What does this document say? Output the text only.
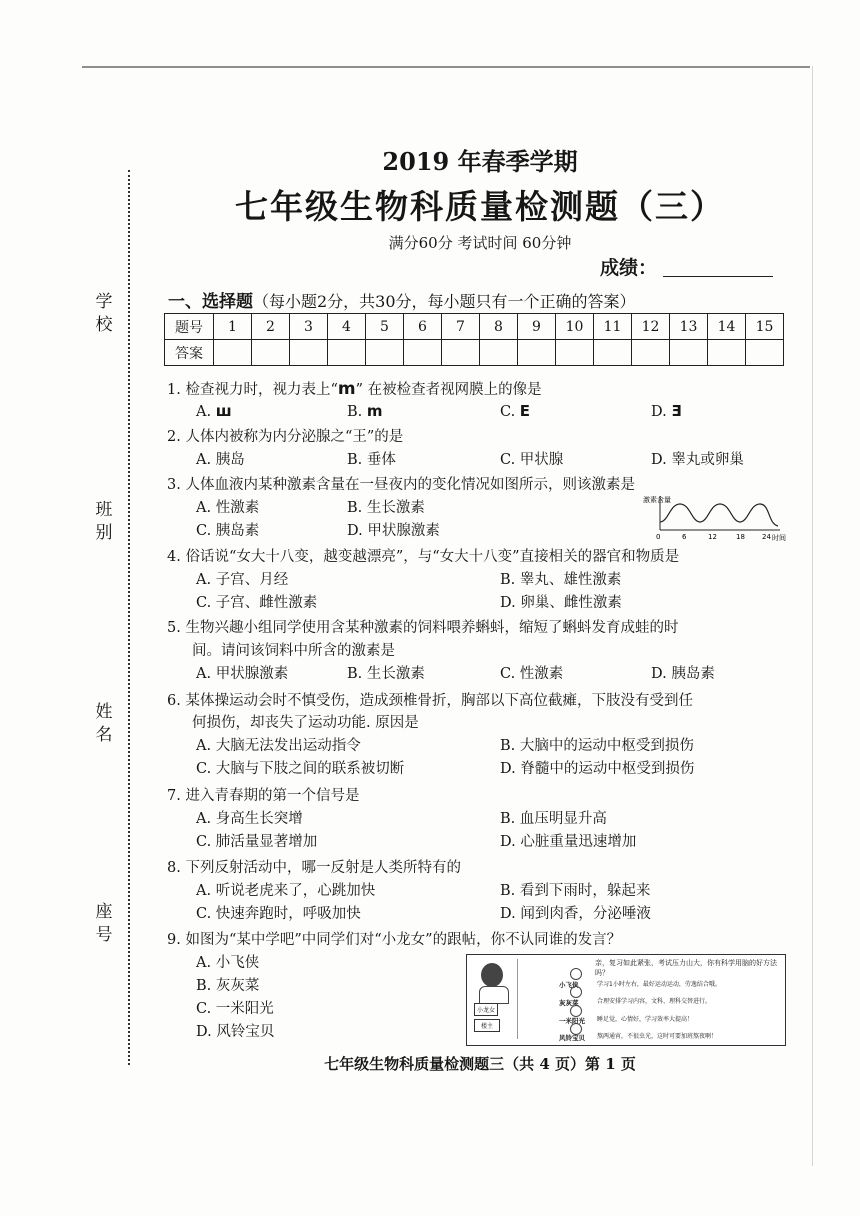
学
校
班
别
姓
名
座
号
2019 年春季学期
七年级生物科质量检测题（三）
满分60分 考试时间 60分钟
成绩：
一、选择题（每小题2分，共30分，每小题只有一个正确的答案）
题号	1	2	3	4	5	6	7	8	9	10	11	12	13	14	15
答案															
1. 检查视力时，视力表上“m” 在被检查者视网膜上的像是
A. ш	B. m	C. E	D. Ǝ
2. 人体内被称为内分泌腺之“王”的是
A. 胰岛	B. 垂体	C. 甲状腺	D. 睾丸或卵巢
3. 人体血液内某种激素含量在一昼夜内的变化情况如图所示，则该激素是
A. 性激素	B. 生长激素
C. 胰岛素	D. 甲状腺激素
激素含量
0	6	12	18 24 时间
4. 俗话说“女大十八变，越变越漂亮”，与“女大十八变”直接相关的器官和物质是
A. 子宫、月经	B. 睾丸、雄性激素
C. 子宫、雌性激素	D. 卵巢、雌性激素
5. 生物兴趣小组同学使用含某种激素的饲料喂养蝌蚪，缩短了蝌蚪发育成蛙的时
间。请问该饲料中所含的激素是
A. 甲状腺激素	B. 生长激素	C. 性激素	D. 胰岛素
6. 某体操运动会时不慎受伤，造成颈椎骨折，胸部以下高位截瘫，下肢没有受到任
何损伤，却丧失了运动功能. 原因是
A. 大脑无法发出运动指令	B. 大脑中的运动中枢受到损伤
C. 大脑与下肢之间的联系被切断	D. 脊髓中的运动中枢受到损伤
7. 进入青春期的第一个信号是
A. 身高生长突增	B. 血压明显升高
C. 肺活量显著增加	D. 心脏重量迅速增加
8. 下列反射活动中，哪一反射是人类所特有的
A. 听说老虎来了，心跳加快	B. 看到下雨时，躲起来
C. 快速奔跑时，呼吸加快	D. 闻到肉香，分泌唾液
9. 如图为“某中学吧”中同学们对“小龙女”的跟帖，你不认同谁的发言？
A. 小飞侠
B. 灰灰菜
C. 一米阳光
D. 风铃宝贝
小龙女
楼主
亲，复习如此紧张，考试压力山大，你有科学用脑的好方法吗？
小飞侠	学习1小时左右，最好运动运动，劳逸结合哦。
灰灰菜	合理安排学习内容，文科、理科交替进行。
一米阳光 睡足觉，心情好，学习效率大提高！
风铃宝贝 熬两通宵，不很虫光，这时可要加班熬夜啊！
七年级生物科质量检测题三（共 4 页）第 1 页
